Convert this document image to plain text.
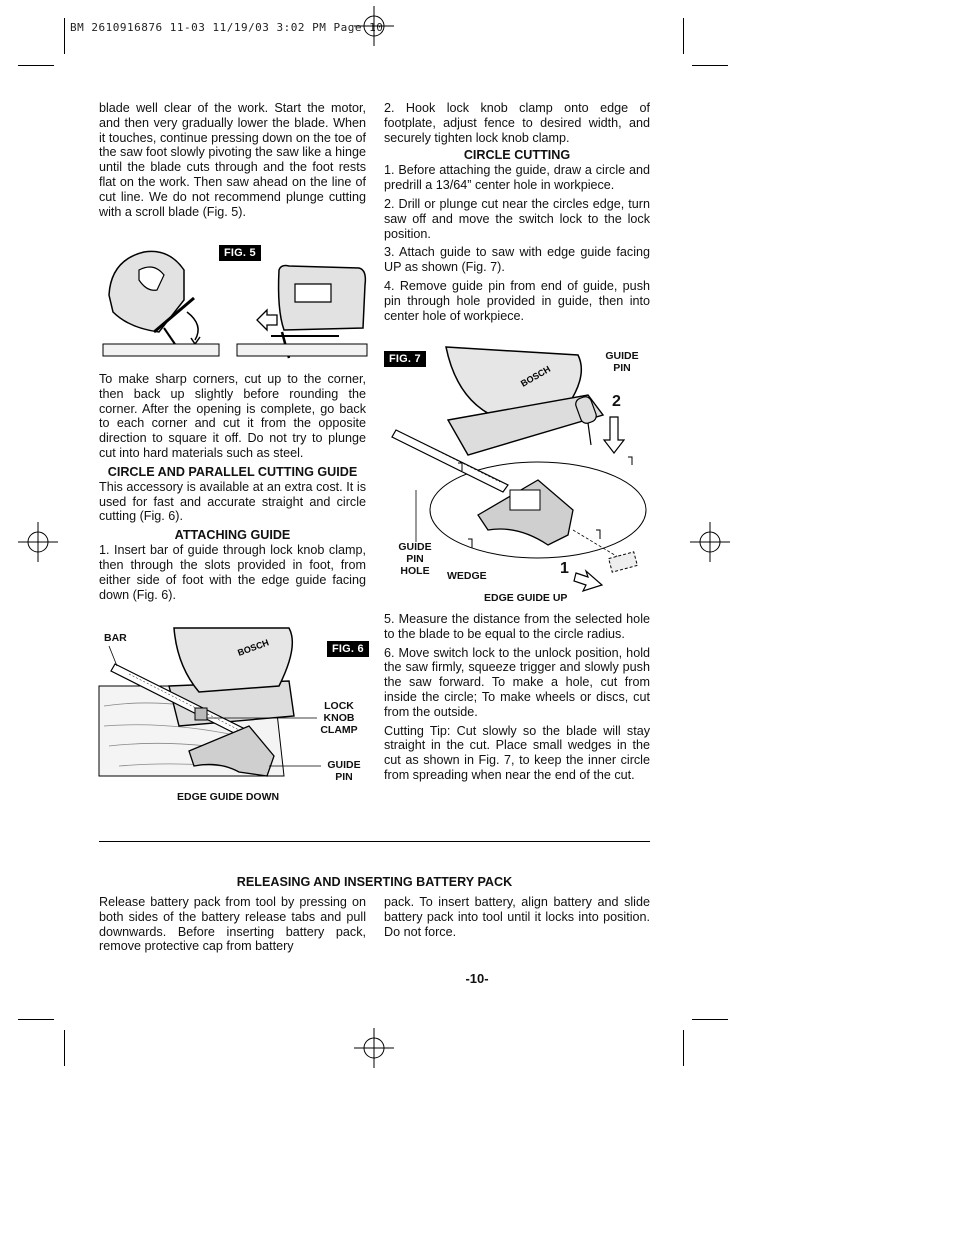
BM 2610916876 11-03 11/19/03 3:02 PM Page 10

blade well clear of the work. Start the motor, and then very gradually lower the blade. When it touches, continue pressing down on the toe of the saw foot slowly pivoting the saw like a hinge until the blade cuts through and the foot rests flat on the work. Then saw ahead on the line of cut line. We do not recommend plunge cutting with a scroll blade (Fig. 5).

FIG. 5

To make sharp corners, cut up to the corner, then back up slightly before rounding the corner. After the opening is complete, go back to each corner and cut it from the opposite direction to square it off. Do not try to plunge cut into hard materials such as steel.

CIRCLE AND PARALLEL CUTTING GUIDE

This accessory is available at an extra cost. It is used for fast and accurate straight and circle cutting (Fig. 6).

ATTACHING GUIDE

1. Insert bar of guide through lock knob clamp, then through the slots provided in foot, from either side of foot with the edge guide facing down (Fig. 6).

FIG. 6
BOSCH
BAR
LOCK
KNOB
CLAMP
GUIDE
PIN
EDGE GUIDE DOWN

2. Hook lock knob clamp onto edge of footplate, adjust fence to desired width, and securely tighten lock knob clamp.

CIRCLE CUTTING

1. Before attaching the guide, draw a circle and predrill a 13/64” center hole in workpiece.

2. Drill or plunge cut near the circles edge, turn saw off and move the switch lock to the lock position.

3. Attach guide to saw with edge guide facing UP as shown (Fig. 7).

4. Remove guide pin from end of guide, push pin through hole provided in guide, then into center hole of workpiece.

FIG. 7
BOSCH
GUIDE
PIN
2
1
GUIDE
PIN
HOLE	WEDGE
EDGE GUIDE UP

5. Measure the distance from the selected hole to the blade to be equal to the circle radius.

6. Move switch lock to the unlock position, hold the saw firmly, squeeze trigger and slowly push the saw forward. To make a hole, cut from inside the circle; To make wheels or discs, cut from the outside.

Cutting Tip: Cut slowly so the blade will stay straight in the cut. Place small wedges in the cut as shown in Fig. 7, to keep the inner circle from spreading when near the end of the cut.

RELEASING AND INSERTING BATTERY PACK

Release battery pack from tool by pressing on both sides of the battery release tabs and pull downwards. Before inserting battery pack, remove protective cap from battery

pack. To insert battery, align battery and slide battery pack into tool until it locks into position. Do not force.

-10-
